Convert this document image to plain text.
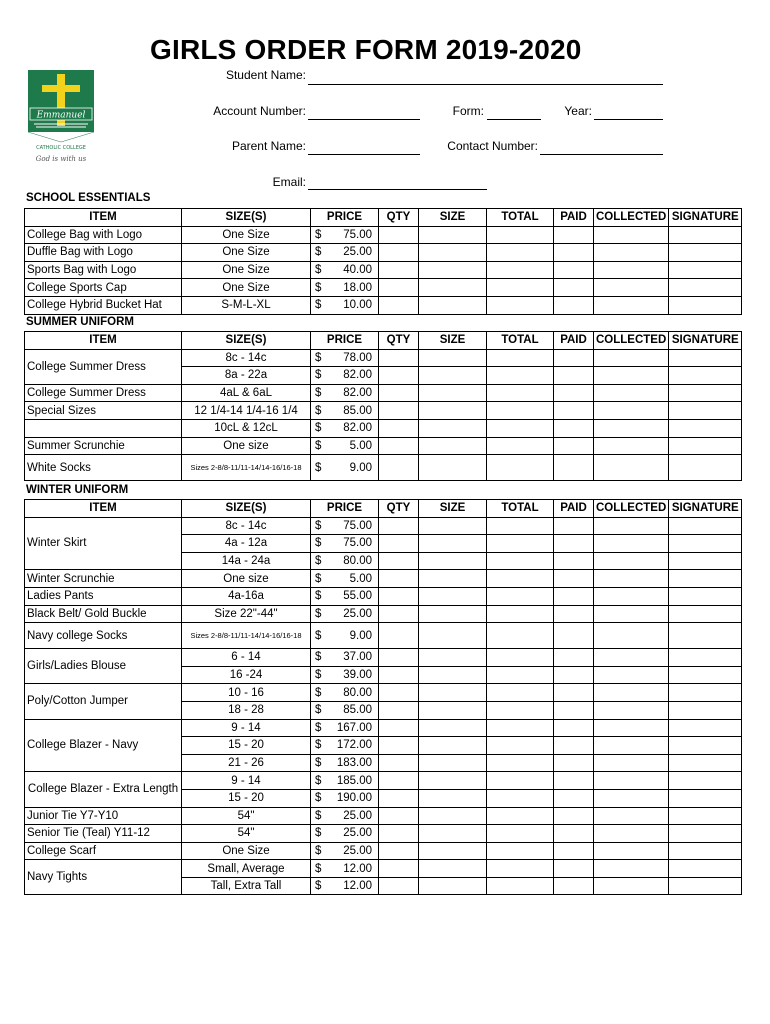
GIRLS ORDER FORM 2019-2020
Emmanuel
CATHOLIC COLLEGE
God is with us
Student Name:
Account Number:	Form:	Year:
Parent Name:	Contact Number:
Email:
SCHOOL ESSENTIALS
ITEM	SIZE(S)	PRICE	QTY	SIZE	TOTAL	PAID	COLLECTED	SIGNATURE
College Bag with Logo	One Size	$ 75.00						

Duffle Bag with Logo	One Size	$ 25.00						

Sports Bag with Logo	One Size	$ 40.00						

College Sports Cap	One Size	$ 18.00						

College Hybrid Bucket Hat	S-M-L-XL	$ 10.00						

SUMMER UNIFORM
ITEM	SIZE(S)	PRICE	QTY	SIZE	TOTAL	PAID	COLLECTED	SIGNATURE
College Summer Dress	8c - 14c	$ 78.00						

	8a - 22a	$ 82.00						

College Summer Dress	4aL & 6aL	$ 82.00						

Special Sizes	12 1/4-14 1/4-16 1/4	$ 85.00						

	10cL & 12cL	$ 82.00						

Summer Scrunchie	One size	$ 5.00						

White Socks	Sizes 2-8/8-11/11-14/14-16/16-18	$ 9.00						

WINTER UNIFORM
ITEM	SIZE(S)	PRICE	QTY	SIZE	TOTAL	PAID	COLLECTED	SIGNATURE
Winter Skirt	8c - 14c	$ 75.00						

	4a - 12a	$ 75.00						

	14a - 24a	$ 80.00						

Winter Scrunchie	One size	$ 5.00						

Ladies Pants	4a-16a	$ 55.00						

Black Belt/ Gold Buckle	Size 22"-44"	$ 25.00						

Navy college Socks	Sizes 2-8/8-11/11-14/14-16/16-18	$ 9.00						

Girls/Ladies Blouse	6 - 14	$ 37.00						

	16 -24	$ 39.00						

Poly/Cotton Jumper	10 - 16	$ 80.00						

	18 - 28	$ 85.00						

College Blazer - Navy	9 - 14	$ 167.00						

	15 - 20	$ 172.00						

	21 - 26	$ 183.00						

College Blazer - Extra Length	9 - 14	$ 185.00						

	15 - 20	$ 190.00						

Junior Tie Y7-Y10	54"	$ 25.00						

Senior Tie (Teal) Y11-12	54"	$ 25.00						

College Scarf	One Size	$ 25.00						

Navy Tights	Small, Average	$ 12.00						

	Tall, Extra Tall	$ 12.00						
